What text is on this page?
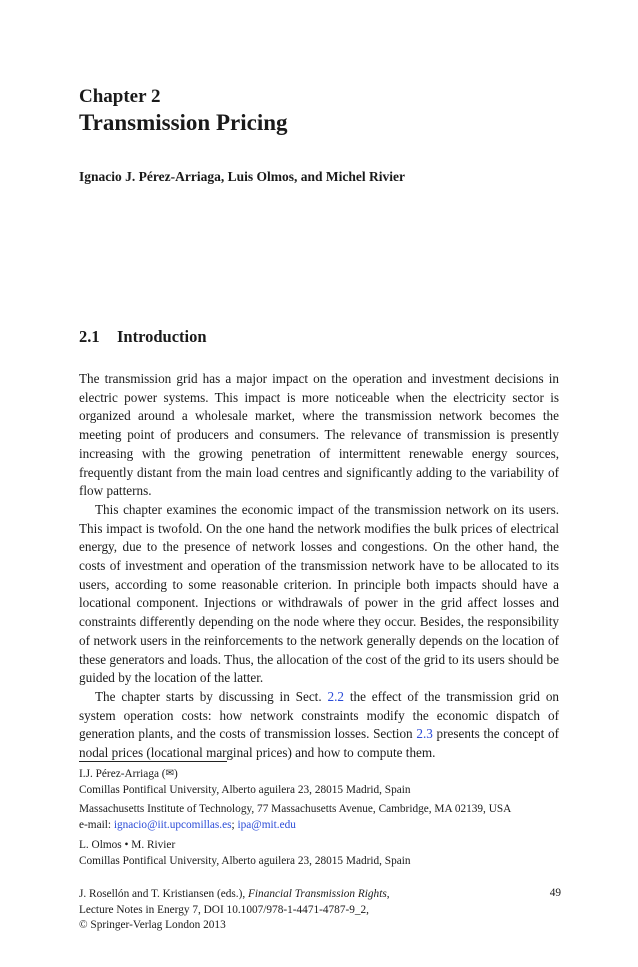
Chapter 2
Transmission Pricing
Ignacio J. Pérez-Arriaga, Luis Olmos, and Michel Rivier
2.1 Introduction

The transmission grid has a major impact on the operation and investment decisions in electric power systems. This impact is more noticeable when the electricity sector is organized around a wholesale market, where the transmission network becomes the meeting point of producers and consumers. The relevance of transmission is presently increasing with the growing penetration of intermittent renewable energy sources, frequently distant from the main load centres and significantly adding to the variability of flow patterns.

This chapter examines the economic impact of the transmission network on its users. This impact is twofold. On the one hand the network modifies the bulk prices of electrical energy, due to the presence of network losses and congestions. On the other hand, the costs of investment and operation of the transmission network have to be allocated to its users, according to some reasonable criterion. In principle both impacts should have a locational component. Injections or withdrawals of power in the grid affect losses and constraints differently depending on the node where they occur. Besides, the responsibility of network users in the reinforcements to the network generally depends on the location of these generators and loads. Thus, the allocation of the cost of the grid to its users should be guided by the location of the latter.

The chapter starts by discussing in Sect. 2.2 the effect of the transmission grid on system operation costs: how network constraints modify the economic dispatch of generation plants, and the costs of transmission losses. Section 2.3 presents the concept of nodal prices (locational marginal prices) and how to compute them.

I.J. Pérez-Arriaga (✉)
Comillas Pontifical University, Alberto aguilera 23, 28015 Madrid, Spain
Massachusetts Institute of Technology, 77 Massachusetts Avenue, Cambridge, MA 02139, USA
e-mail: ignacio@iit.upcomillas.es; ipa@mit.edu
L. Olmos • M. Rivier
Comillas Pontifical University, Alberto aguilera 23, 28015 Madrid, Spain
J. Rosellón and T. Kristiansen (eds.), Financial Transmission Rights,
Lecture Notes in Energy 7, DOI 10.1007/978-1-4471-4787-9_2,
© Springer-Verlag London 2013
49
